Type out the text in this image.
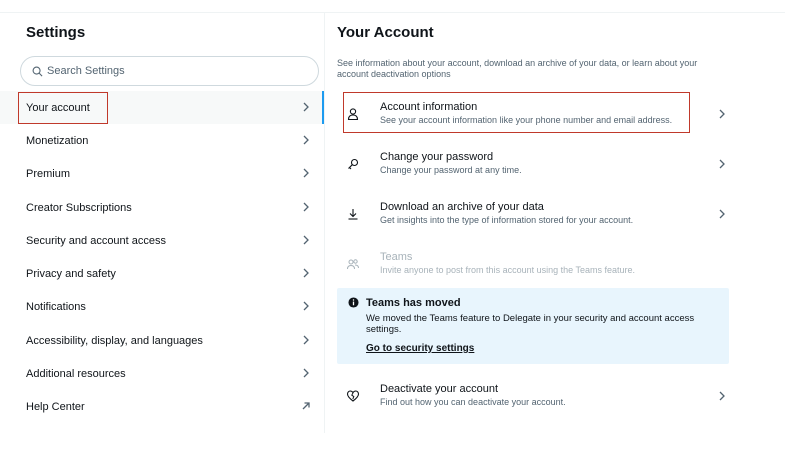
Settings
Search Settings
Your account
Monetization
Premium
Creator Subscriptions
Security and account access
Privacy and safety
Notifications
Accessibility, display, and languages
Additional resources
Help Center
Your Account
See information about your account, download an archive of your data, or learn about your account deactivation options
Account information
See your account information like your phone number and email address.
Change your password
Change your password at any time.
Download an archive of your data
Get insights into the type of information stored for your account.
Teams
Invite anyone to post from this account using the Teams feature.
Teams has moved
We moved the Teams feature to Delegate in your security and account access settings.
Go to security settings
Deactivate your account
Find out how you can deactivate your account.
